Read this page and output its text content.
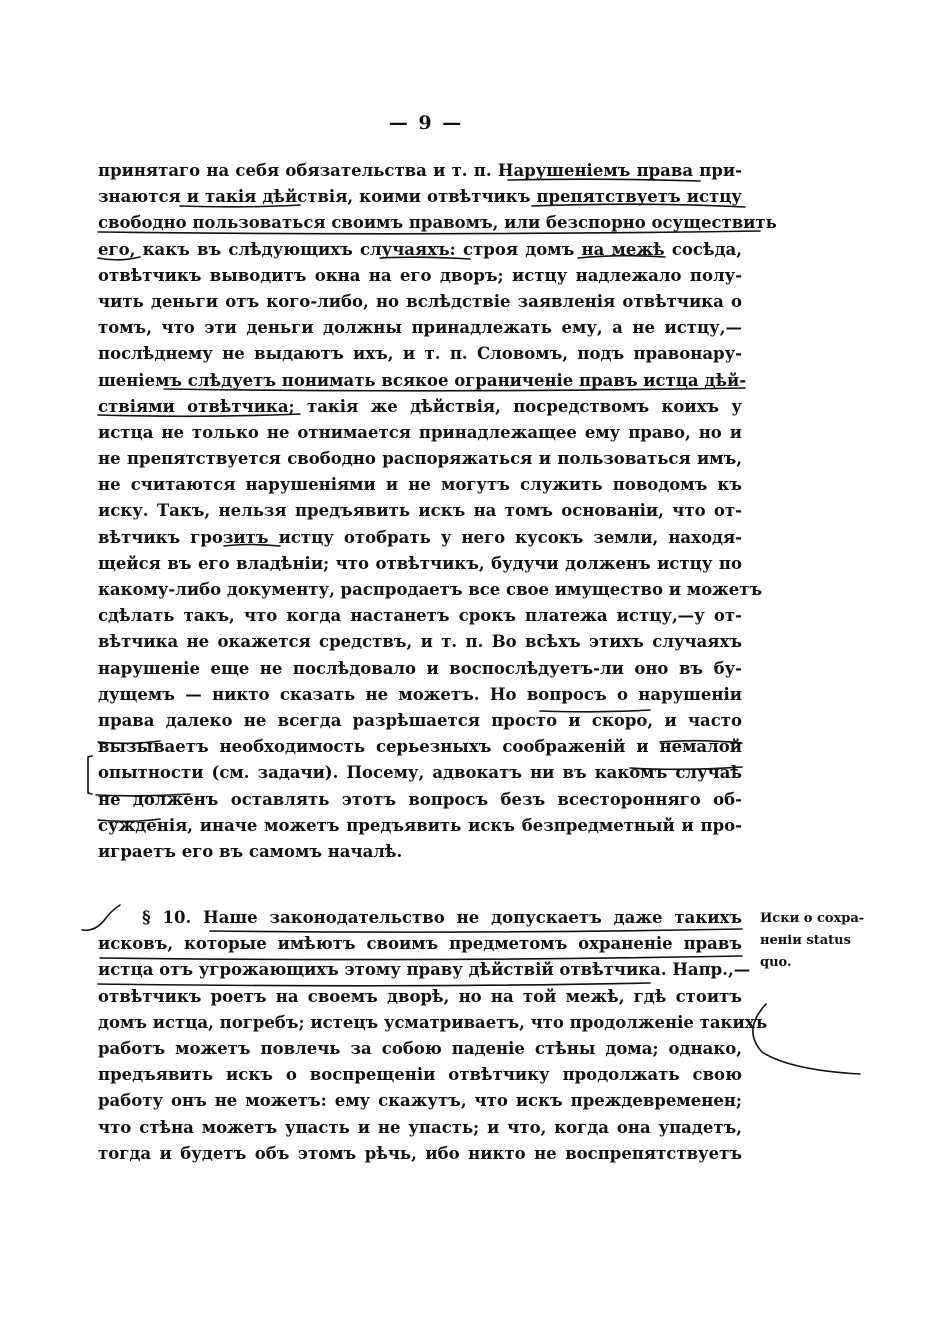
— 9 —
принятаго на себя обязательства и т. п. Нарушеніемъ права при-
знаются и такія дѣйствія, коими отвѣтчикъ препятствуетъ истцу
свободно пользоваться своимъ правомъ, или безспорно осуществить
его, какъ въ слѣдующихъ случаяхъ: строя домъ на межѣ сосѣда,
отвѣтчикъ выводитъ окна на его дворъ; истцу надлежало полу-
чить деньги отъ кого-либо, но вслѣдствіе заявленія отвѣтчика о
томъ, что эти деньги должны принадлежать ему, а не истцу,—
послѣднему не выдаютъ ихъ, и т. п. Словомъ, подъ правонару-
шеніемъ слѣдуетъ понимать всякое ограниченіе правъ истца дѣй-
ствіями отвѣтчика; такія же дѣйствія, посредствомъ коихъ у
истца не только не отнимается принадлежащее ему право, но и
не препятствуется свободно распоряжаться и пользоваться имъ,
не считаются нарушеніями и не могутъ служить поводомъ къ
иску. Такъ, нельзя предъявить искъ на томъ основаніи, что от-
вѣтчикъ грозитъ истцу отобрать у него кусокъ земли, находя-
щейся въ его владѣніи; что отвѣтчикъ, будучи долженъ истцу по
какому-либо документу, распродаетъ все свое имущество и можетъ
сдѣлать такъ, что когда настанетъ срокъ платежа истцу,—у от-
вѣтчика не окажется средствъ, и т. п. Во всѣхъ этихъ случаяхъ
нарушеніе еще не послѣдовало и воспослѣдуетъ-ли оно въ бу-
дущемъ — никто сказать не можетъ. Но вопросъ о нарушеніи
права далеко не всегда разрѣшается просто и скоро, и часто
вызываетъ необходимость серьезныхъ соображеній и немалой
опытности (см. задачи). Посему, адвокатъ ни въ какомъ случаѣ
не долженъ оставлять этотъ вопросъ безъ всесторонняго об-
сужденія, иначе можетъ предъявить искъ безпредметный и про-
играетъ его въ самомъ началѣ.
§ 10. Наше законодательство не допускаетъ даже такихъ
исковъ, которые имѣютъ своимъ предметомъ охраненіе правъ
истца отъ угрожающихъ этому праву дѣйствій отвѣтчика. Напр.,—
отвѣтчикъ роетъ на своемъ дворѣ, но на той межѣ, гдѣ стоитъ
домъ истца, погребъ; истецъ усматриваетъ, что продолженіе такихъ
работъ можетъ повлечь за собою паденіе стѣны дома; однако,
предъявить искъ о воспрещеніи отвѣтчику продолжать свою
работу онъ не можетъ: ему скажутъ, что искъ преждевременен;
что стѣна можетъ упасть и не упасть; и что, когда она упадетъ,
тогда и будетъ объ этомъ рѣчь, ибо никто не воспрепятствуетъ
Иски о сохра-
неніи status
quo.
